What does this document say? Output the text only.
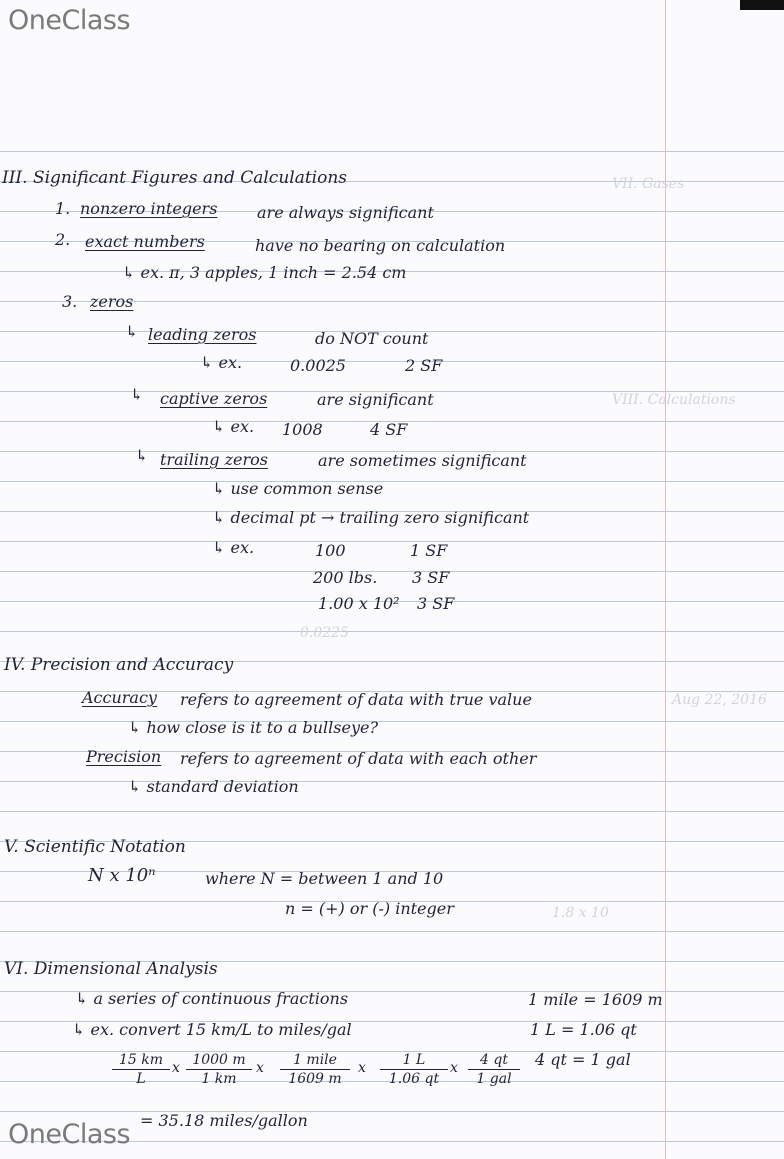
VII. Gases
VIII. Calculations
0.0225
1.8 x 10
Aug 22, 2016
OneClass
III. Significant Figures and Calculations
1. nonzero integers are always significant
2. exact numbers	have no bearing on calculation
↳ ex. π, 3 apples, 1 inch = 2.54 cm
3. zeros
↳ leading zeros	do NOT count
↳ ex.	0.0025	2 SF
↳ captive zeros	are significant
↳ ex. 1008	4 SF
↳ trailing zeros	are sometimes significant
↳ use common sense
↳ decimal pt → trailing zero significant
↳ ex.	100	1 SF
200 lbs. 3 SF
1.00 x 10² 3 SF
IV. Precision and Accuracy
Accuracy refers to agreement of data with true value
↳ how close is it to a bullseye?
Precision refers to agreement of data with each other
↳ standard deviation
V. Scientific Notation
N x 10ⁿ	where N = between 1 and 10
n = (+) or (-) integer
VI. Dimensional Analysis
↳ a series of continuous fractions	1 mile = 1609 m
↳ ex. convert 15 km/L to miles/gal	1 L = 1.06 qt
$\frac{15 km}{L}$ x $\frac{1000 m}{1 km}$ x	1 mile
1609 m
x $\frac{1 L}{1.06 qt}$ x	4 qt
1 gal
4 qt = 1 gal
= 35.18 miles/gallon
OneClass
